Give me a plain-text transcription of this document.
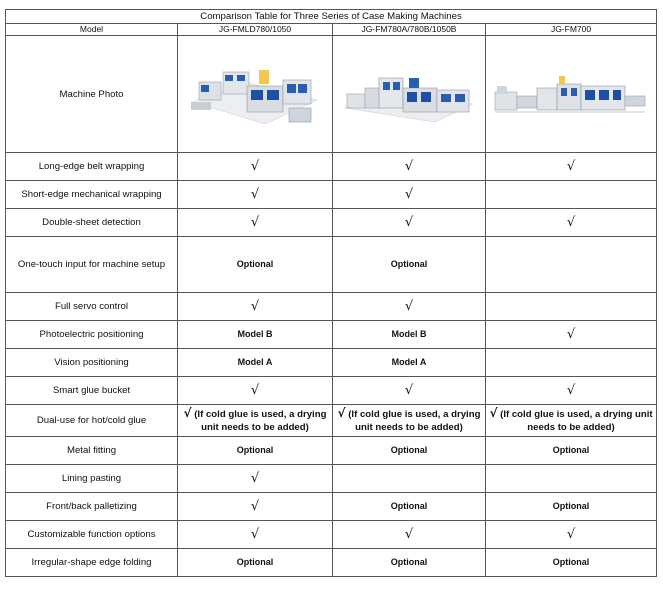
Comparison Table for Three Series of Case Making Machines			
Model	JG-FMLD780/1050	JG-FM780A/780B/1050B	JG-FM700
Machine Photo	

Long-edge belt wrapping	√	√	√
Short-edge mechanical wrapping	√	√	
Double-sheet detection	√	√	√
One-touch input for machine setup	Optional	Optional	
Full servo control	√	√	
Photoelectric positioning	Model B	Model B	√
Vision positioning	Model A	Model A	
Smart glue bucket	√	√	√
Dual-use for hot/cold glue	√ (If cold glue is used, a drying unit needs to be added)	√ (If cold glue is used, a drying unit needs to be added)	√ (If cold glue is used, a drying unit needs to be added)
Metal fitting	Optional	Optional	Optional
Lining pasting	√		
Front/back palletizing	√	Optional	Optional
Customizable function options	√	√	√
Irregular-shape edge folding	Optional	Optional	Optional
